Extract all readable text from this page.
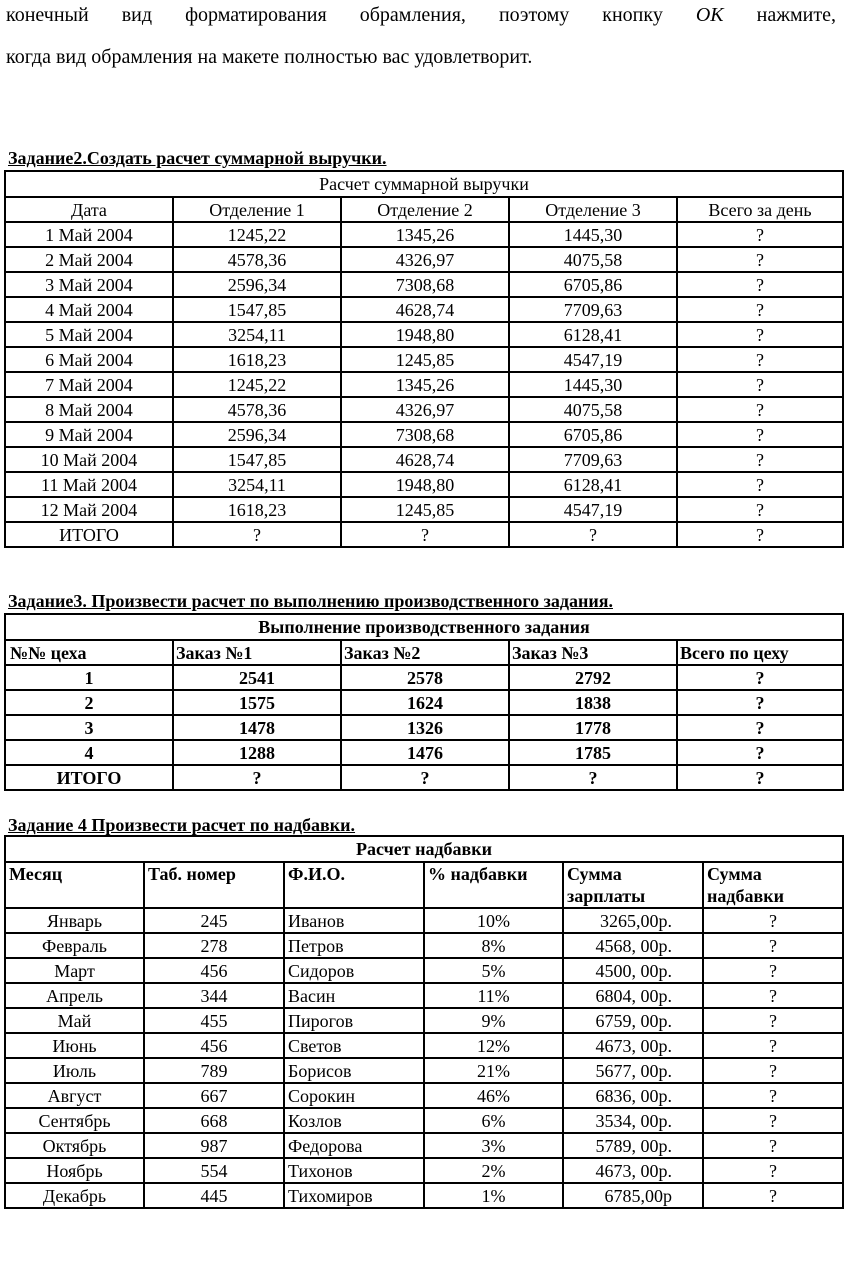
конечный вид форматирования обрамления, поэтому кнопку ОК нажмите,
когда вид обрамления на макете полностью вас удовлетворит.
Задание2.Создать расчет суммарной выручки.
Расчет суммарной выручки				
Дата	Отделение 1	Отделение 2	Отделение 3	Всего за день
1 Май 2004	1245,22	1345,26	1445,30	?
2 Май 2004	4578,36	4326,97	4075,58	?
3 Май 2004	2596,34	7308,68	6705,86	?
4 Май 2004	1547,85	4628,74	7709,63	?
5 Май 2004	3254,11	1948,80	6128,41	?
6 Май 2004	1618,23	1245,85	4547,19	?
7 Май 2004	1245,22	1345,26	1445,30	?
8 Май 2004	4578,36	4326,97	4075,58	?
9 Май 2004	2596,34	7308,68	6705,86	?
10 Май 2004	1547,85	4628,74	7709,63	?
11 Май 2004	3254,11	1948,80	6128,41	?
12 Май 2004	1618,23	1245,85	4547,19	?
ИТОГО	?	?	?	?
Задание3. Произвести расчет по выполнению производственного задания.
Выполнение производственного задания				
№№ цеха	Заказ №1	Заказ №2	Заказ №3	Всего по цеху
1	2541	2578	2792	?
2	1575	1624	1838	?
3	1478	1326	1778	?
4	1288	1476	1785	?
ИТОГО	?	?	?	?
Задание 4 Произвести расчет по надбавки.
Расчет надбавки					
Месяц	Таб. номер	Ф.И.О.	% надбавки	Сумма зарплаты	Сумма надбавки
Январь	245	Иванов	10%	3265,00р.	?
Февраль	278	Петров	8%	4568, 00р.	?
Март	456	Сидоров	5%	4500, 00р.	?
Апрель	344	Васин	11%	6804, 00р.	?
Май	455	Пирогов	9%	6759, 00р.	?
Июнь	456	Светов	12%	4673, 00р.	?
Июль	789	Борисов	21%	5677, 00р.	?
Август	667	Сорокин	46%	6836, 00р.	?
Сентябрь	668	Козлов	6%	3534, 00р.	?
Октябрь	987	Федорова	3%	5789, 00р.	?
Ноябрь	554	Тихонов	2%	4673, 00р.	?
Декабрь	445	Тихомиров	1%	6785,00р	?
